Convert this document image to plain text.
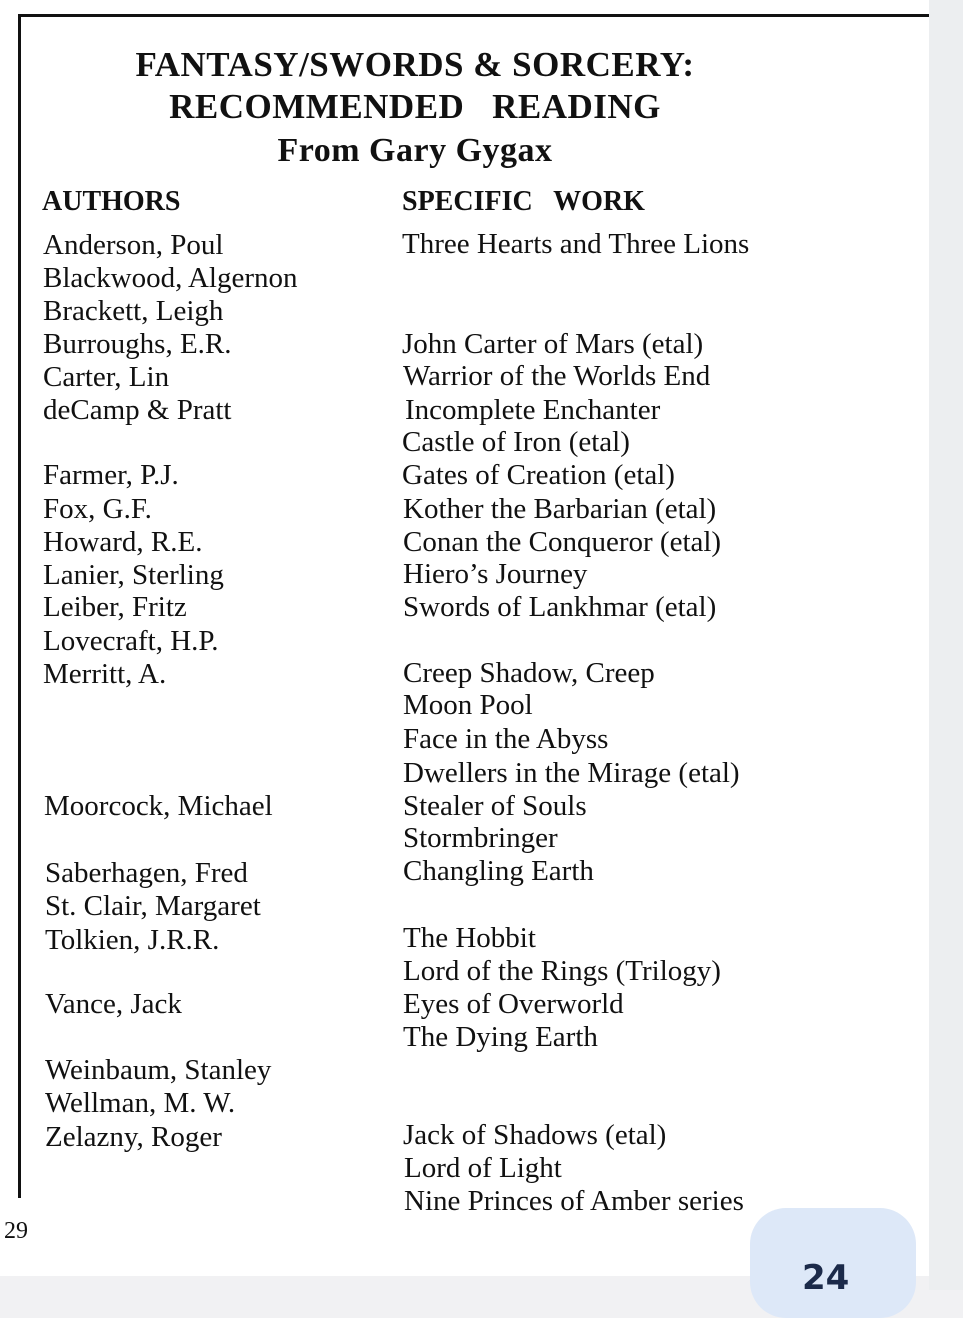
FANTASY/SWORDS & SORCERY:
RECOMMENDED   READING
From Gary Gygax
AUTHORS	SPECIFIC   WORK
Anderson, Poul
Blackwood, Algernon
Brackett, Leigh
Burroughs, E.R.
Carter, Lin
deCamp & Pratt
Farmer, P.J.
Fox, G.F.
Howard, R.E.
Lanier, Sterling
Leiber, Fritz
Lovecraft, H.P.
Merritt, A.
Moorcock, Michael
Saberhagen, Fred
St. Clair, Margaret
Tolkien, J.R.R.
Vance, Jack
Weinbaum, Stanley
Wellman, M. W.
Zelazny, Roger
Three Hearts and Three Lions
John Carter of Mars (etal)
Warrior of the Worlds End
Incomplete Enchanter
Castle of Iron (etal)
Gates of Creation (etal)
Kother the Barbarian (etal)
Conan the Conqueror (etal)
Hiero’s Journey
Swords of Lankhmar (etal)
Creep Shadow, Creep
Moon Pool
Face in the Abyss
Dwellers in the Mirage (etal)
Stealer of Souls
Stormbringer
Changling Earth
The Hobbit
Lord of the Rings (Trilogy)
Eyes of Overworld
The Dying Earth
Jack of Shadows (etal)
Lord of Light
Nine Princes of Amber series
29
24
